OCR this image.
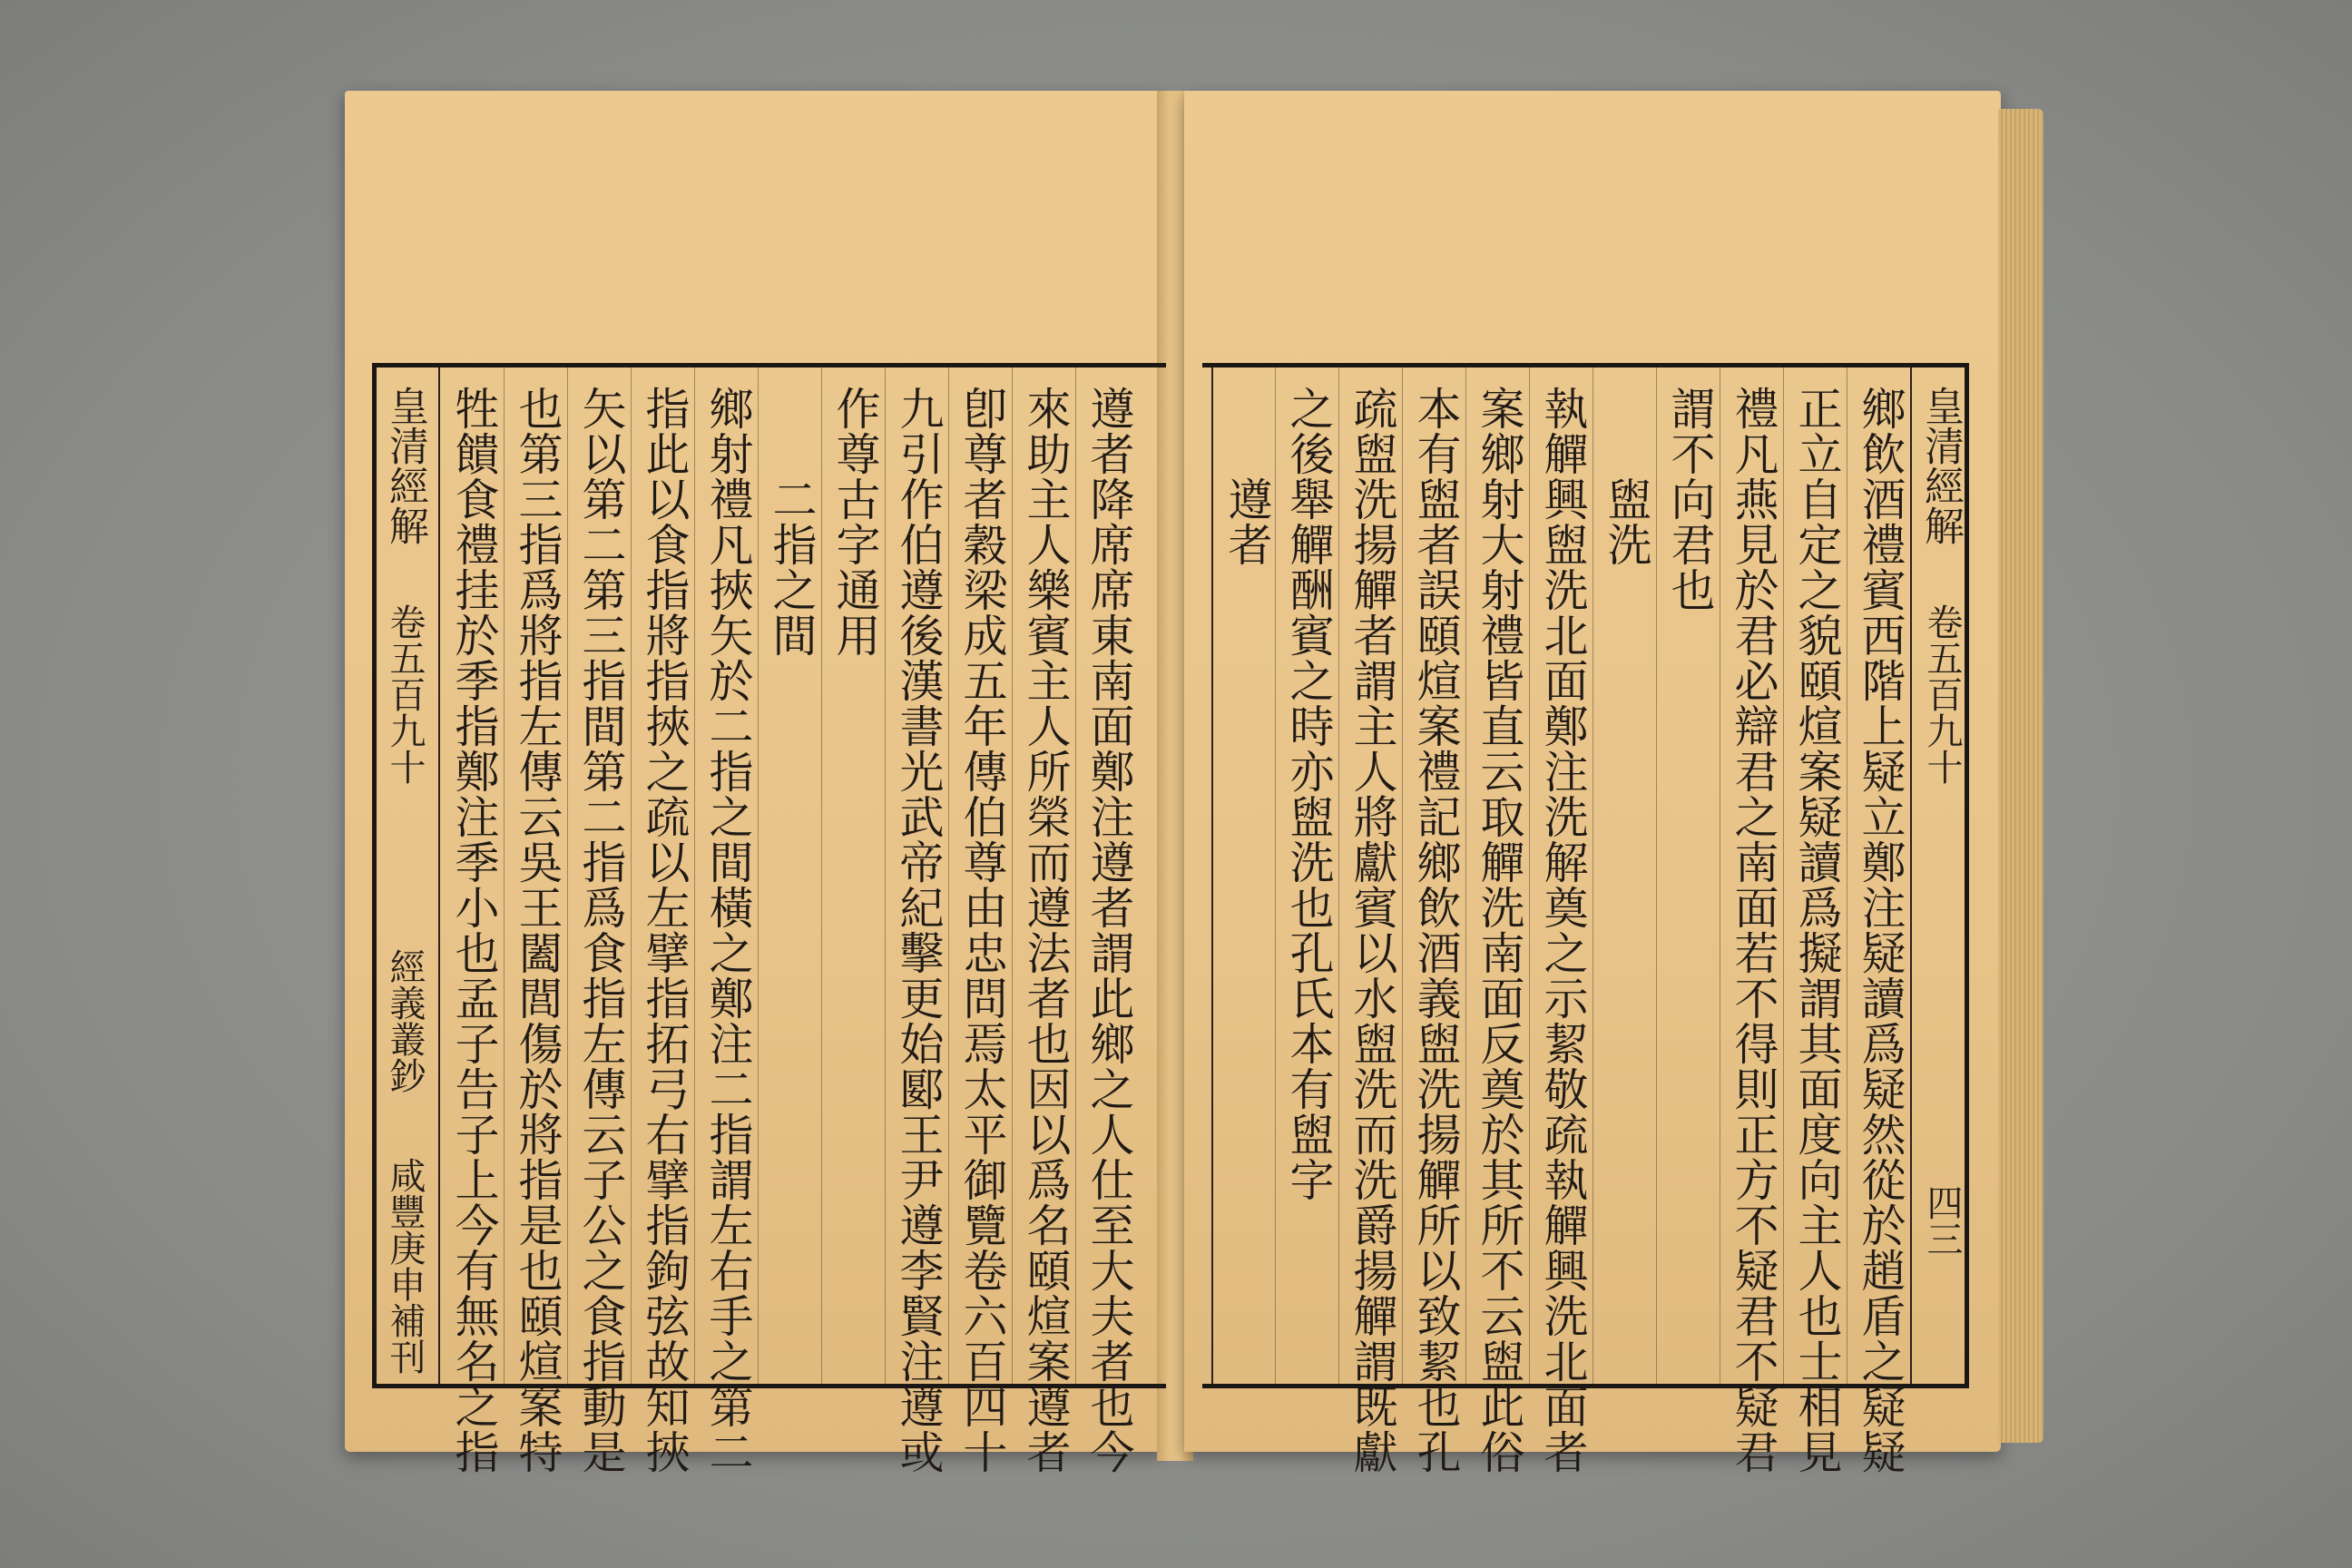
皇清經解
卷五百九十
經義叢鈔
咸豐庚申補刊	遵者降席席東南面鄭注遵者謂此鄉之人仕至大夫者也今
來助主人樂賓主人所榮而遵法者也因以爲名頤煊案遵者
卽尊者穀梁成五年傳伯尊由忠問焉太平御覽卷六百四十
九引作伯遵後漢書光武帝紀擊更始郾王尹遵李賢注遵或
作尊古字通用
二指之間
鄉射禮凡挾矢於二指之間橫之鄭注二指謂左右手之第二
指此以食指將指挾之疏以左擘指拓弓右擘指鉤弦故知挾
矢以第二第三指間第二指爲食指左傳云子公之食指動是
也第三指爲將指左傳云吳王闔閭傷於將指是也頤煊案特
牲饋食禮挂於季指鄭注季小也孟子告子上今有無名之指	鄉飲酒禮賓西階上疑立鄭注疑讀爲疑然從於趙盾之疑疑
正立自定之貌頤煊案疑讀爲擬謂其面度向主人也士相見
禮凡燕見於君必辯君之南面若不得則正方不疑君不疑君
謂不向君也
盥洗
執觶興盥洗北面鄭注洗解奠之示絜敬疏執觶興洗北面者
案鄉射大射禮皆直云取觶洗南面反奠於其所不云盥此俗
本有盥者誤頤煊案禮記鄉飲酒義盥洗揚觶所以致絜也孔
疏盥洗揚觶者謂主人將獻賓以水盥洗而洗爵揚觶謂既獻
之後舉觶酬賓之時亦盥洗也孔氏本有盥字
遵者	皇清經解
卷五百九十
四三
